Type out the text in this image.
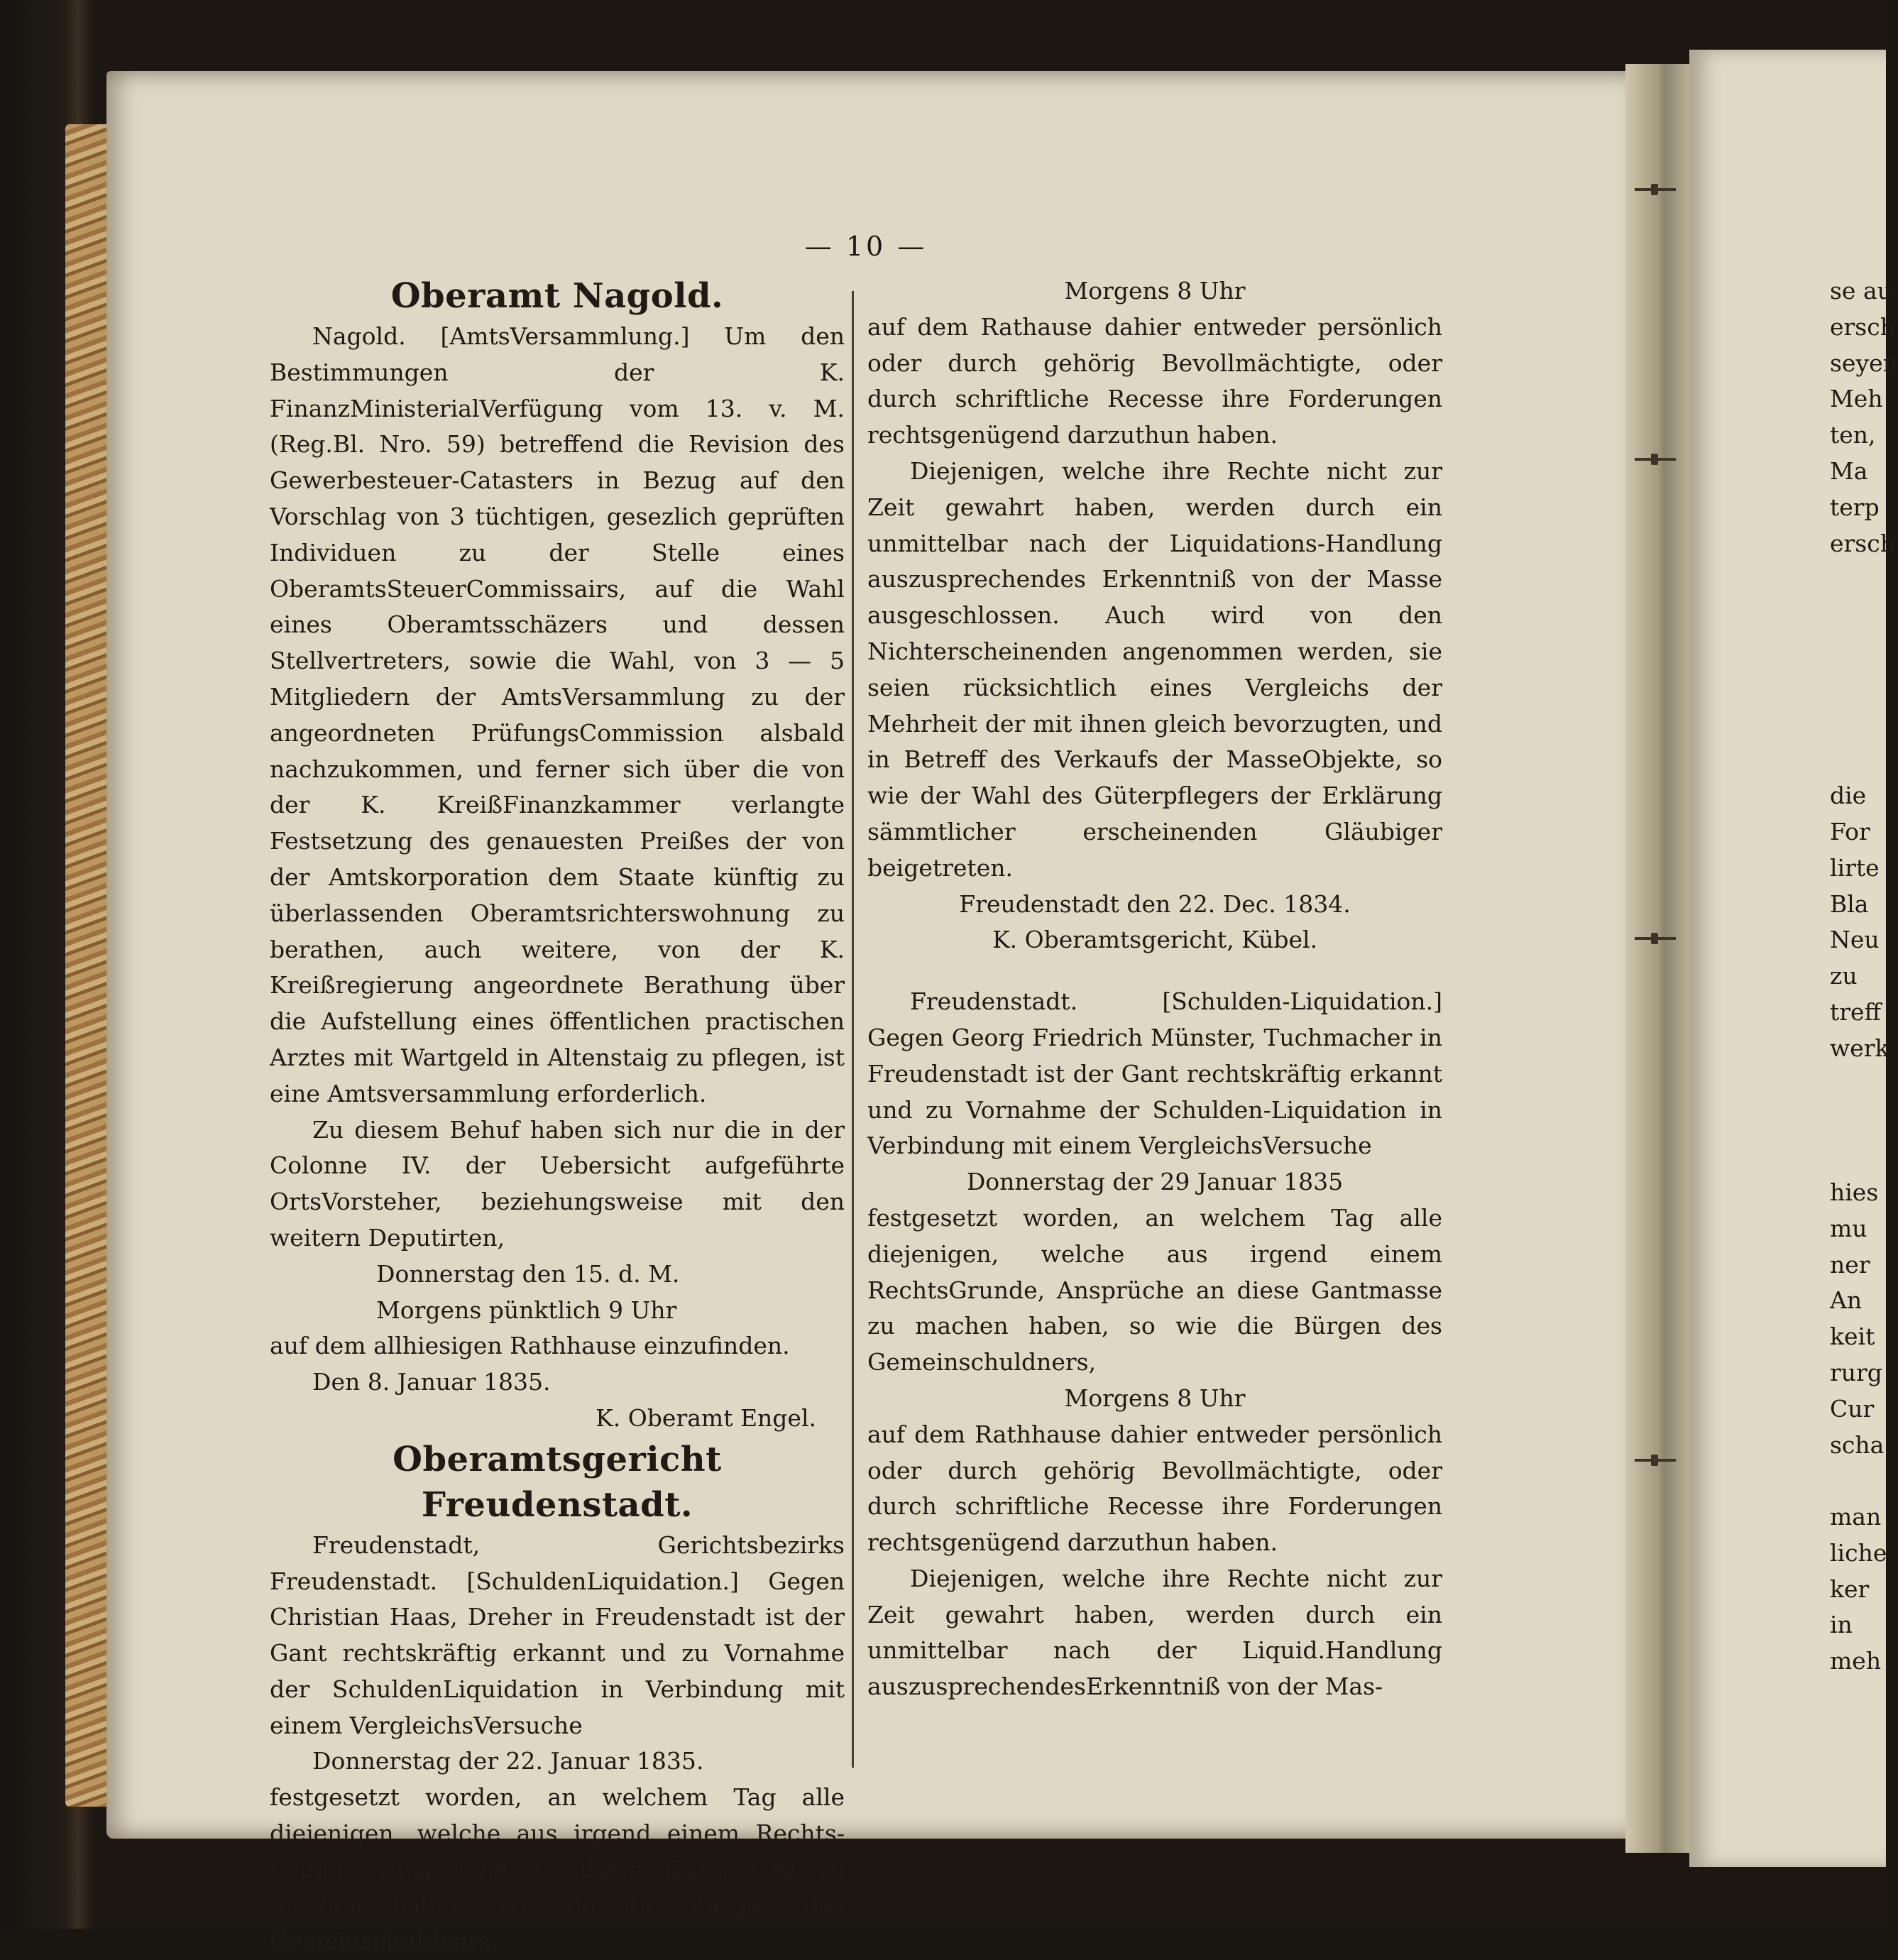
— 10 —
Oberamt Nagold.
Nagold. [AmtsVersammlung.] Um den Bestimmungen der K. FinanzMinisterialVerfügung vom 13. v. M. (Reg.Bl. Nro. 59) betreffend die Revision des Gewerbesteuer-Catasters in Bezug auf den Vorschlag von 3 tüchtigen, gesezlich geprüften Individuen zu der Stelle eines OberamtsSteuerCommissairs, auf die Wahl eines Oberamtsschäzers und dessen Stellvertreters, sowie die Wahl, von 3 — 5 Mitgliedern der AmtsVersammlung zu der angeordneten PrüfungsCommission alsbald nachzukommen, und ferner sich über die von der K. KreißFinanzkammer verlangte Festsetzung des genauesten Preißes der von der Amtskorporation dem Staate künftig zu überlassenden Oberamtsrichterswohnung zu berathen, auch weitere, von der K. Kreißregierung angeordnete Berathung über die Aufstellung eines öffentlichen practischen Arztes mit Wartgeld in Altenstaig zu pflegen, ist eine Amtsversammlung erforderlich.
Zu diesem Behuf haben sich nur die in der Colonne IV. der Uebersicht aufgeführte OrtsVorsteher, beziehungsweise mit den weitern Deputirten,
Donnerstag den 15. d. M.
Morgens pünktlich 9 Uhr
auf dem allhiesigen Rathhause einzufinden.
Den 8. Januar 1835.
K. Oberamt Engel.
Oberamtsgericht Freudenstadt.
Freudenstadt, Gerichtsbezirks Freudenstadt. [SchuldenLiquidation.] Gegen Christian Haas, Dreher in Freudenstadt ist der Gant rechtskräftig erkannt und zu Vornahme der SchuldenLiquidation in Verbindung mit einem VergleichsVersuche
Donnerstag der 22. Januar 1835.
festgesetzt worden, an welchem Tag alle diejenigen, welche aus irgend einem Rechts-Grunde Ansprüche an diese Gantmasse zu machen haben, so wie die Bürgen des Gemeinschuldners,
Morgens 8 Uhr
auf dem Rathause dahier entweder persönlich oder durch gehörig Bevollmächtigte, oder durch schriftliche Recesse ihre Forderungen rechtsgenügend darzuthun haben.
Diejenigen, welche ihre Rechte nicht zur Zeit gewahrt haben, werden durch ein unmittelbar nach der Liquidations-Handlung auszusprechendes Erkenntniß von der Masse ausgeschlossen. Auch wird von den Nichterscheinenden angenommen werden, sie seien rücksichtlich eines Vergleichs der Mehrheit der mit ihnen gleich bevorzugten, und in Betreff des Verkaufs der MasseObjekte, so wie der Wahl des Güterpflegers der Erklärung sämmtlicher erscheinenden Gläubiger beigetreten.
Freudenstadt den 22. Dec. 1834.
K. Oberamtsgericht, Kübel.
Freudenstadt. [Schulden-Liquidation.] Gegen Georg Friedrich Münster, Tuchmacher in Freudenstadt ist der Gant rechtskräftig erkannt und zu Vornahme der Schulden-Liquidation in Verbindung mit einem VergleichsVersuche
Donnerstag der 29 Januar 1835
festgesetzt worden, an welchem Tag alle diejenigen, welche aus irgend einem RechtsGrunde, Ansprüche an diese Gantmasse zu machen haben, so wie die Bürgen des Gemeinschuldners,
Morgens 8 Uhr
auf dem Rathhause dahier entweder persönlich oder durch gehörig Bevollmächtigte, oder durch schriftliche Recesse ihre Forderungen rechtsgenügend darzuthun haben.
Diejenigen, welche ihre Rechte nicht zur Zeit gewahrt haben, werden durch ein unmittelbar nach der Liquid.Handlung auszusprechendesErkenntniß von der Mas-
se au
ersch
seyen
Meh
ten,
Ma
terp
ersch
die
For
lirte
Bla
Neu
zu
treff
werk
hies
mu
ner
An
keit
rurg
Cur
scha
man
liche
ker
in
meh
